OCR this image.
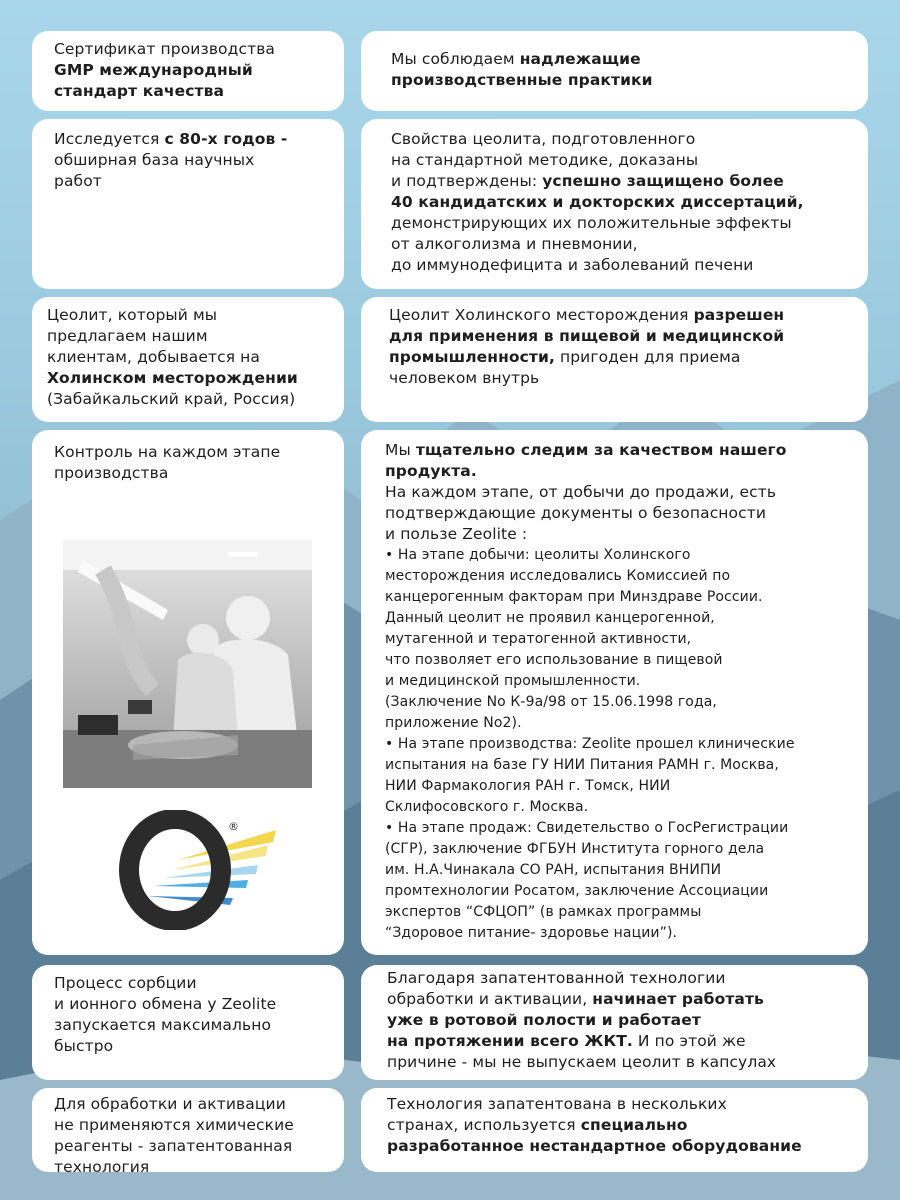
Сертификат производства
GMP международный
стандарт качества

Мы соблюдаем надлежащие
производственные практики

Исследуется с 80-х годов -
обширная база научных
работ

Свойства цеолита, подготовленного
на стандартной методике, доказаны
и подтверждены: успешно защищено более
40 кандидатских и докторских диссертаций,
демонстрирующих их положительные эффекты
от алкоголизма и пневмонии,
до иммунодефицита и заболеваний печени

Цеолит, который мы
предлагаем нашим
клиентам, добывается на
Холинском месторождении
(Забайкальский край, Россия)

Цеолит Холинского месторождения разрешен
для применения в пищевой и медицинской
промышленности, пригоден для приема
человеком внутрь

Контроль на каждом этапе
производства

Мы тщательно следим за качеством нашего
продукта.
На каждом этапе, от добычи до продажи, есть
подтверждающие документы о безопасности
и пользе Zeolite :

• На этапе добычи: цеолиты Холинского
месторождения исследовались Комиссией по
канцерогенным факторам при Минздраве России.
Данный цеолит не проявил канцерогенной,
мутагенной и тератогенной активности,
что позволяет его использование в пищевой
и медицинской промышленности.
(Заключение No К-9а/98 от 15.06.1998 года,
приложение No2).
• На этапе производства: Zeolite прошел клинические
испытания на базе ГУ НИИ Питания РАМН г. Москва,
НИИ Фармакология РАН г. Томск, НИИ
Склифосовского г. Москва.
• На этапе продаж: Свидетельство о ГосРегистрации
(СГР), заключение ФГБУН Института горного дела
им. Н.А.Чинакала СО РАН, испытания ВНИПИ
промтехнологии Росатом, заключение Ассоциации
экспертов “СФЦОП” (в рамках программы
“Здоровое питание- здоровье нации”).

®

Процесс сорбции
и ионного обмена у Zeolite
запускается максимально
быстро

Благодаря запатентованной технологии
обработки и активации, начинает работать
уже в ротовой полости и работает
на протяжении всего ЖКТ. И по этой же
причине - мы не выпускаем цеолит в капсулах

Для обработки и активации
не применяются химические
реагенты - запатентованная
технология

Технология запатентована в нескольких
странах, используется специально
разработанное нестандартное оборудование
